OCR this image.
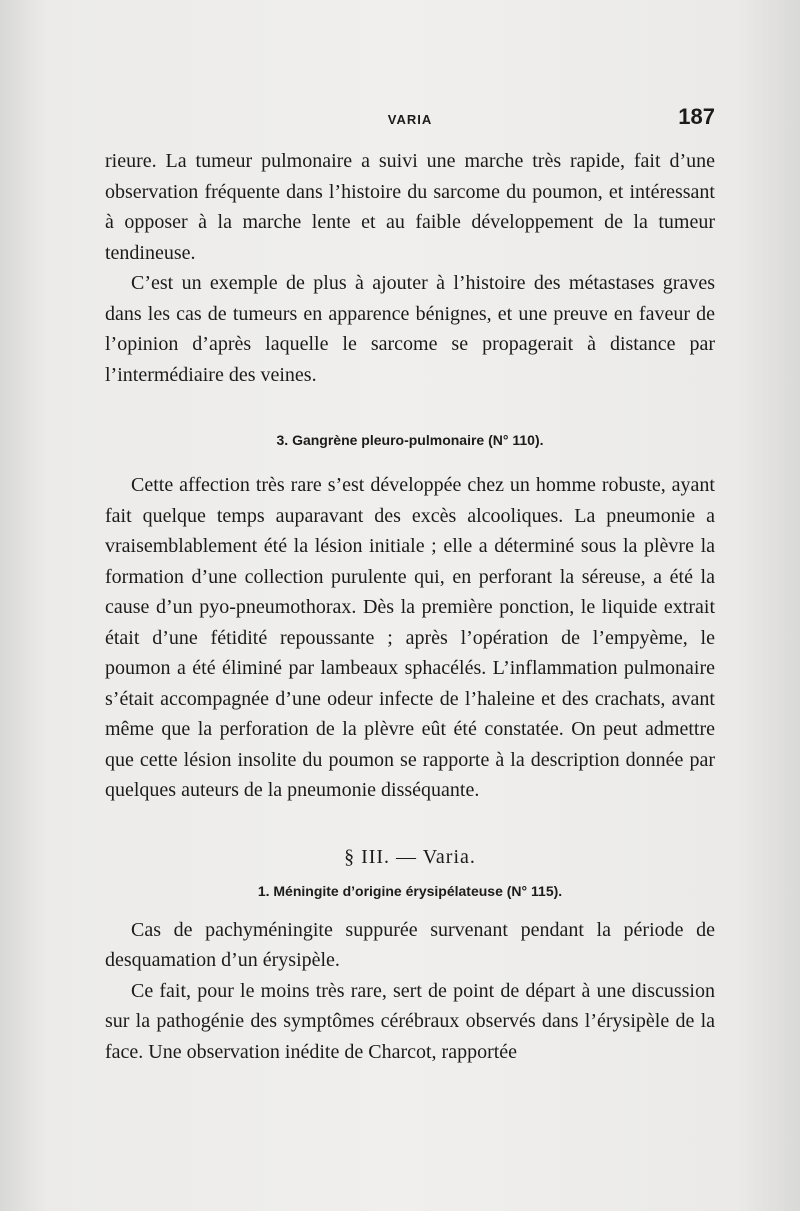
VARIA	187

rieure. La tumeur pulmonaire a suivi une marche très rapide, fait d’une observation fréquente dans l’histoire du sarcome du poumon, et intéressant à opposer à la marche lente et au faible développement de la tumeur tendineuse.

C’est un exemple de plus à ajouter à l’histoire des métastases graves dans les cas de tumeurs en apparence bénignes, et une preuve en faveur de l’opinion d’après laquelle le sarcome se propagerait à distance par l’intermédiaire des veines.

3. Gangrène pleuro-pulmonaire (N° 110).

Cette affection très rare s’est développée chez un homme robuste, ayant fait quelque temps auparavant des excès alcooliques. La pneumonie a vraisemblablement été la lésion initiale ; elle a déterminé sous la plèvre la formation d’une collection purulente qui, en perforant la séreuse, a été la cause d’un pyo-pneumothorax. Dès la première ponction, le liquide extrait était d’une fétidité repoussante ; après l’opération de l’empyème, le poumon a été éliminé par lambeaux sphacélés. L’inflammation pulmonaire s’était accompagnée d’une odeur infecte de l’haleine et des crachats, avant même que la perforation de la plèvre eût été constatée. On peut admettre que cette lésion insolite du poumon se rapporte à la description donnée par quelques auteurs de la pneumonie disséquante.

§ III. — Varia.
1. Méningite d’origine érysipélateuse (N° 115).

Cas de pachyméningite suppurée survenant pendant la période de desquamation d’un érysipèle.

Ce fait, pour le moins très rare, sert de point de départ à une discussion sur la pathogénie des symptômes cérébraux observés dans l’érysipèle de la face. Une observation inédite de Charcot, rapportée
